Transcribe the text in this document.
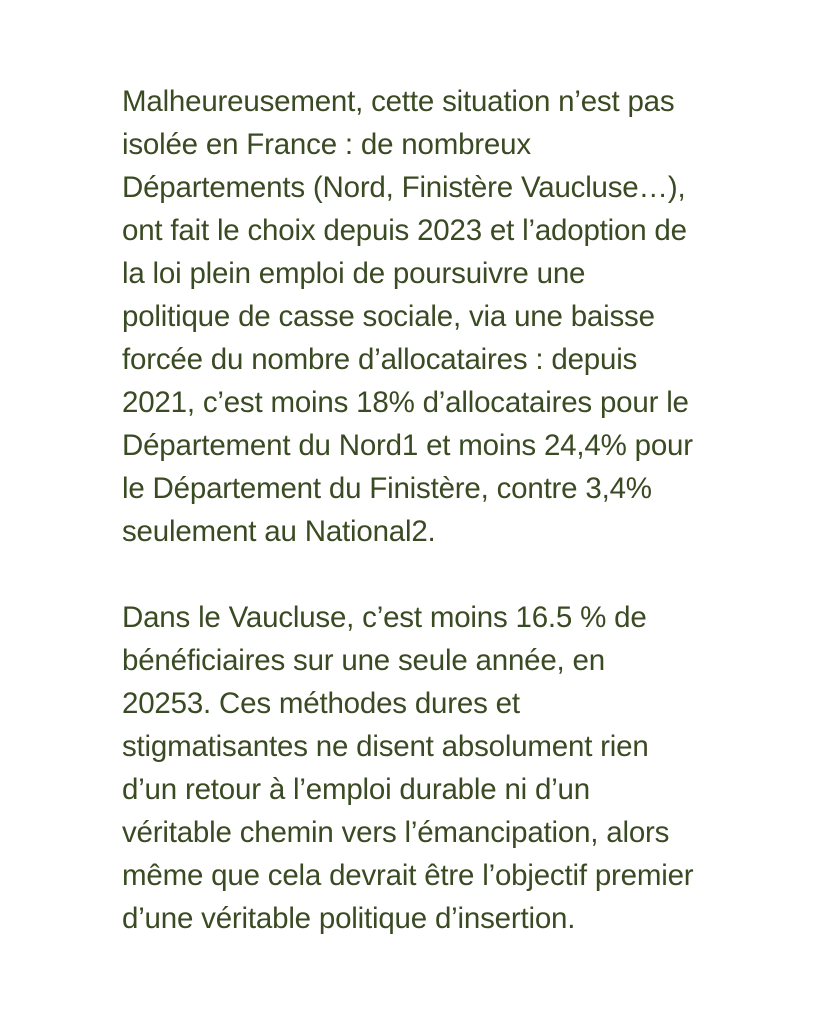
Malheureusement, cette situation n’est pas
isolée en France : de nombreux
Départements (Nord, Finistère Vaucluse…),
ont fait le choix depuis 2023 et l’adoption de
la loi plein emploi de poursuivre une
politique de casse sociale, via une baisse
forcée du nombre d’allocataires : depuis
2021, c’est moins 18% d’allocataires pour le
Département du Nord1 et moins 24,4% pour
le Département du Finistère, contre 3,4%
seulement au National2.
Dans le Vaucluse, c’est moins 16.5 % de
bénéficiaires sur une seule année, en
20253. Ces méthodes dures et
stigmatisantes ne disent absolument rien
d’un retour à l’emploi durable ni d’un
véritable chemin vers l’émancipation, alors
même que cela devrait être l’objectif premier
d’une véritable politique d’insertion.
